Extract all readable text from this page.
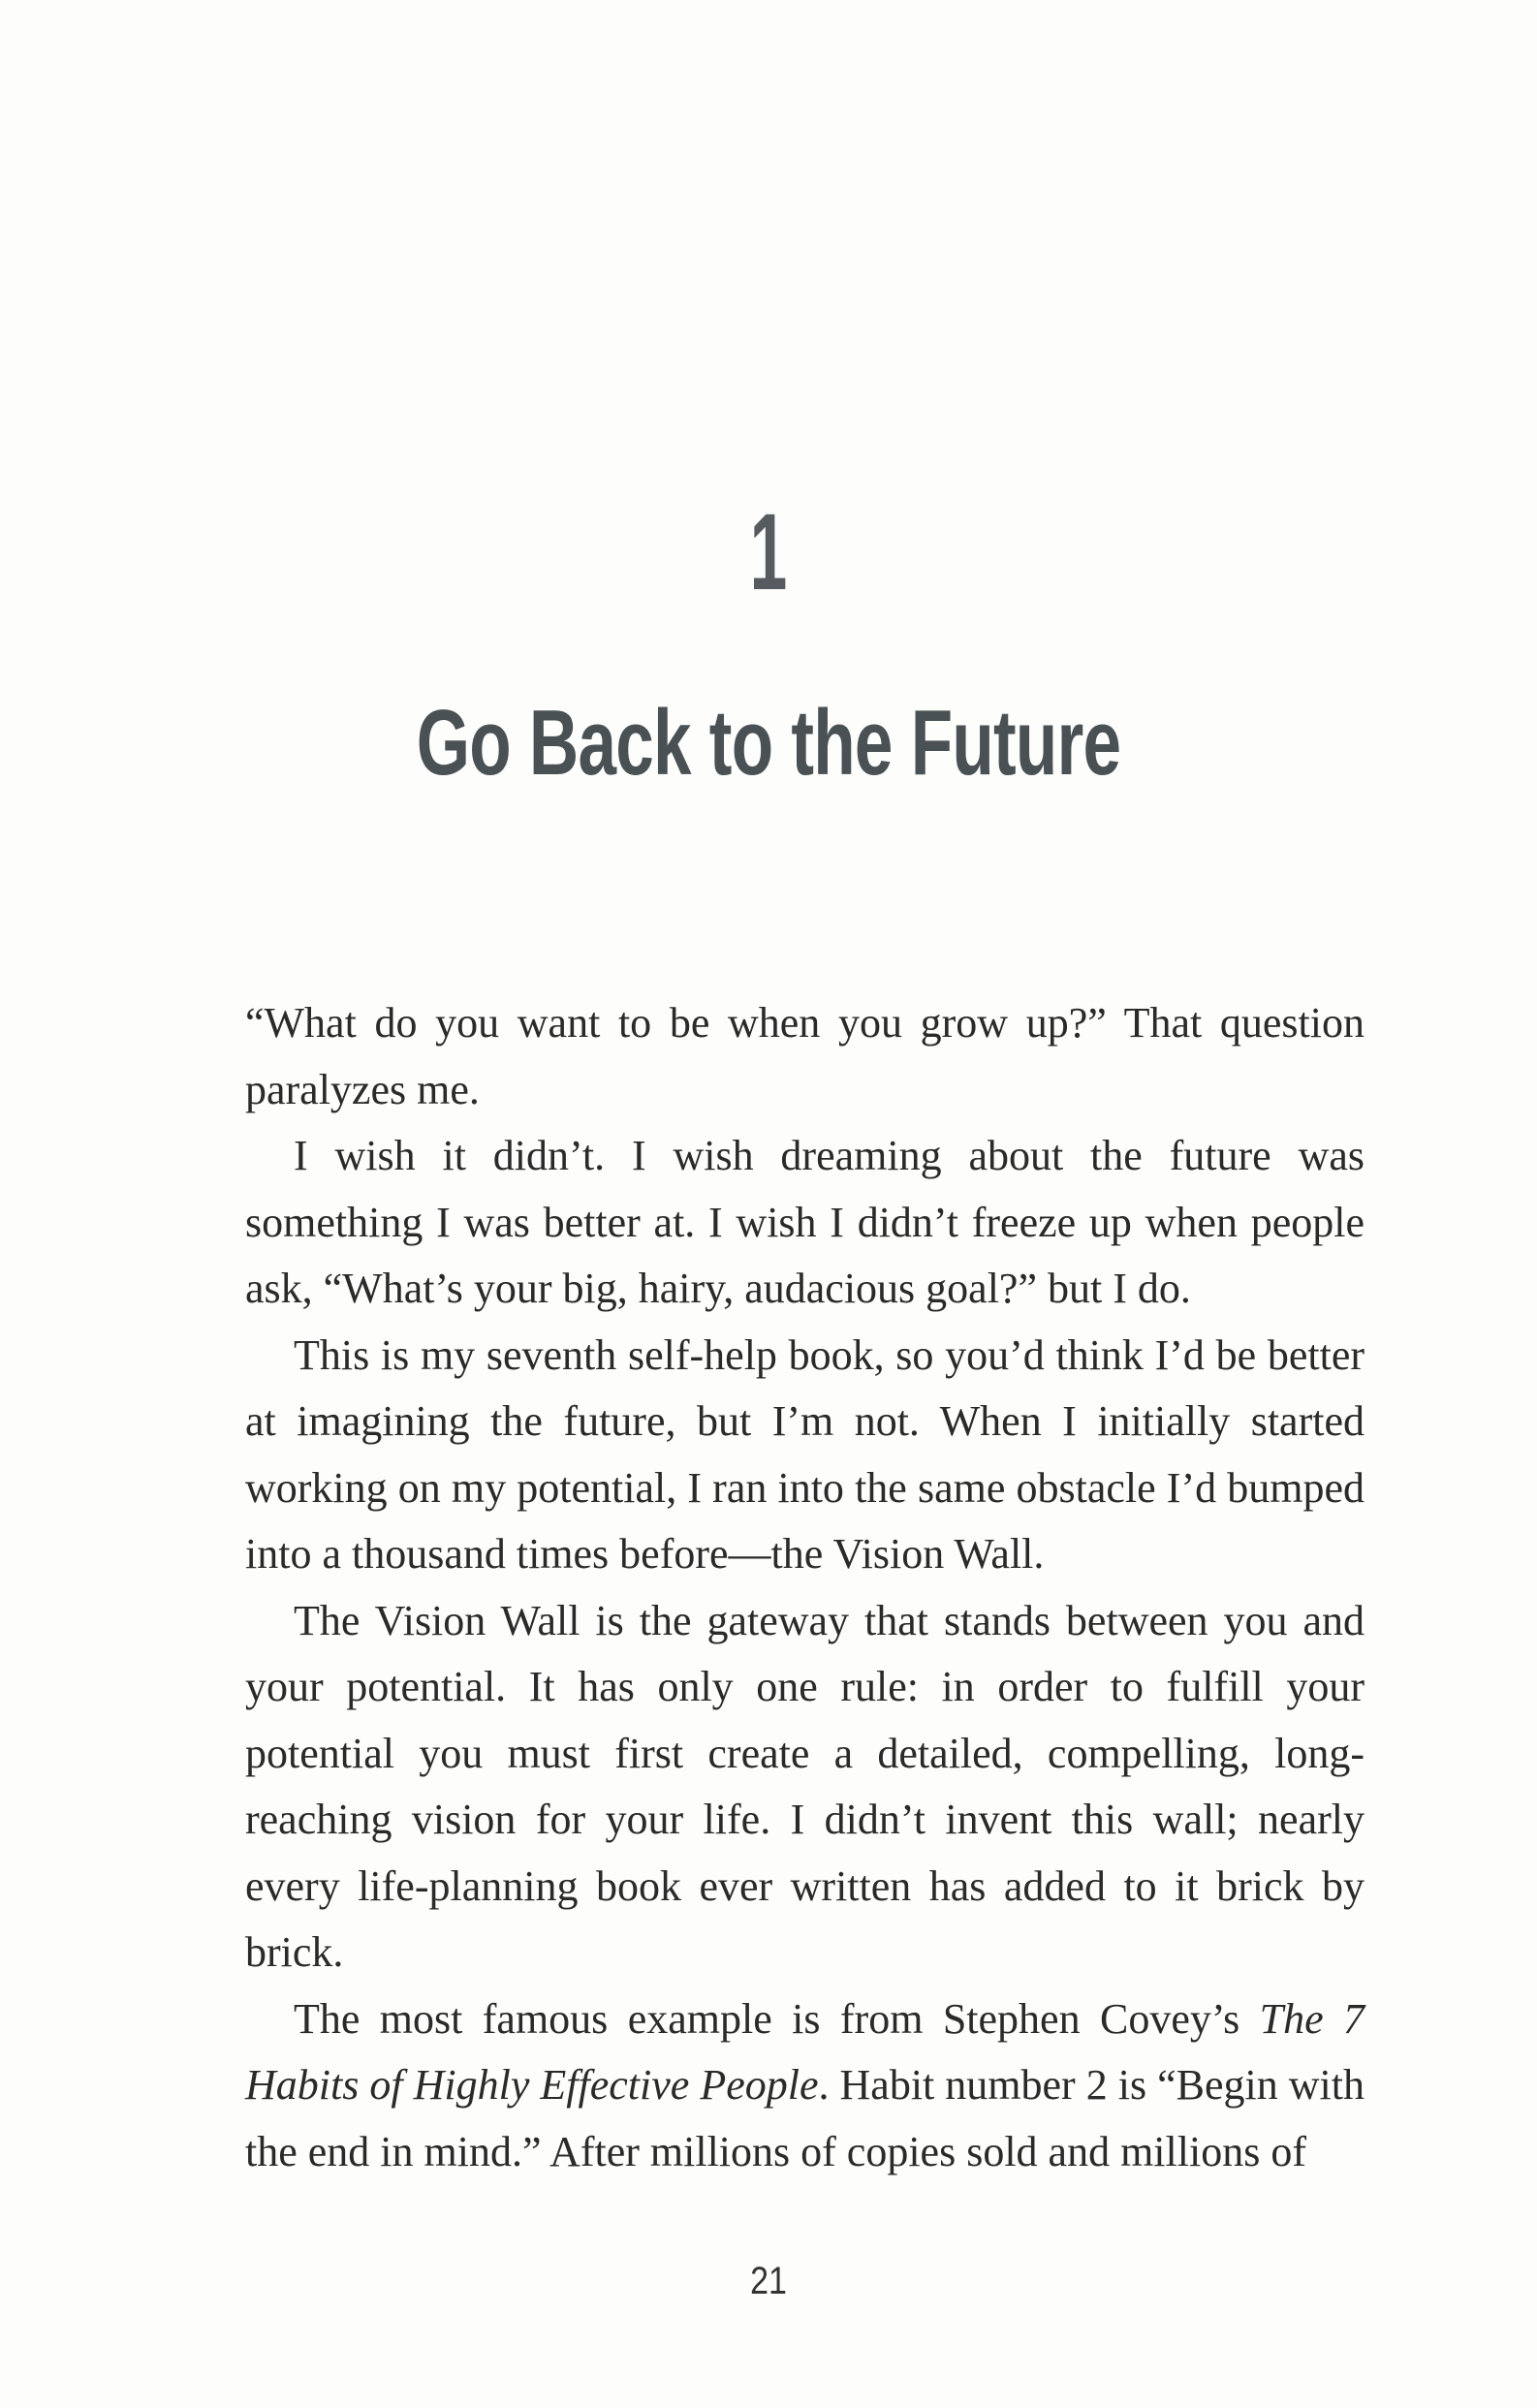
1
Go Back to the Future

“What do you want to be when you grow up?” That question paralyzes me.

I wish it didn’t. I wish dreaming about the future was something I was better at. I wish I didn’t freeze up when people ask, “What’s your big, hairy, audacious goal?” but I do.

This is my seventh self-help book, so you’d think I’d be better at imagining the future, but I’m not. When I initially started working on my potential, I ran into the same obstacle I’d bumped into a thousand times before—the Vision Wall.

The Vision Wall is the gateway that stands between you and your potential. It has only one rule: in order to fulfill your potential you must first create a detailed, compelling, long-reaching vision for your life. I didn’t invent this wall; nearly every life-planning book ever written has added to it brick by brick.

The most famous example is from Stephen Covey’s The 7 Habits of Highly Effective People. Habit number 2 is “Begin with the end in mind.” After millions of copies sold and millions of

21
